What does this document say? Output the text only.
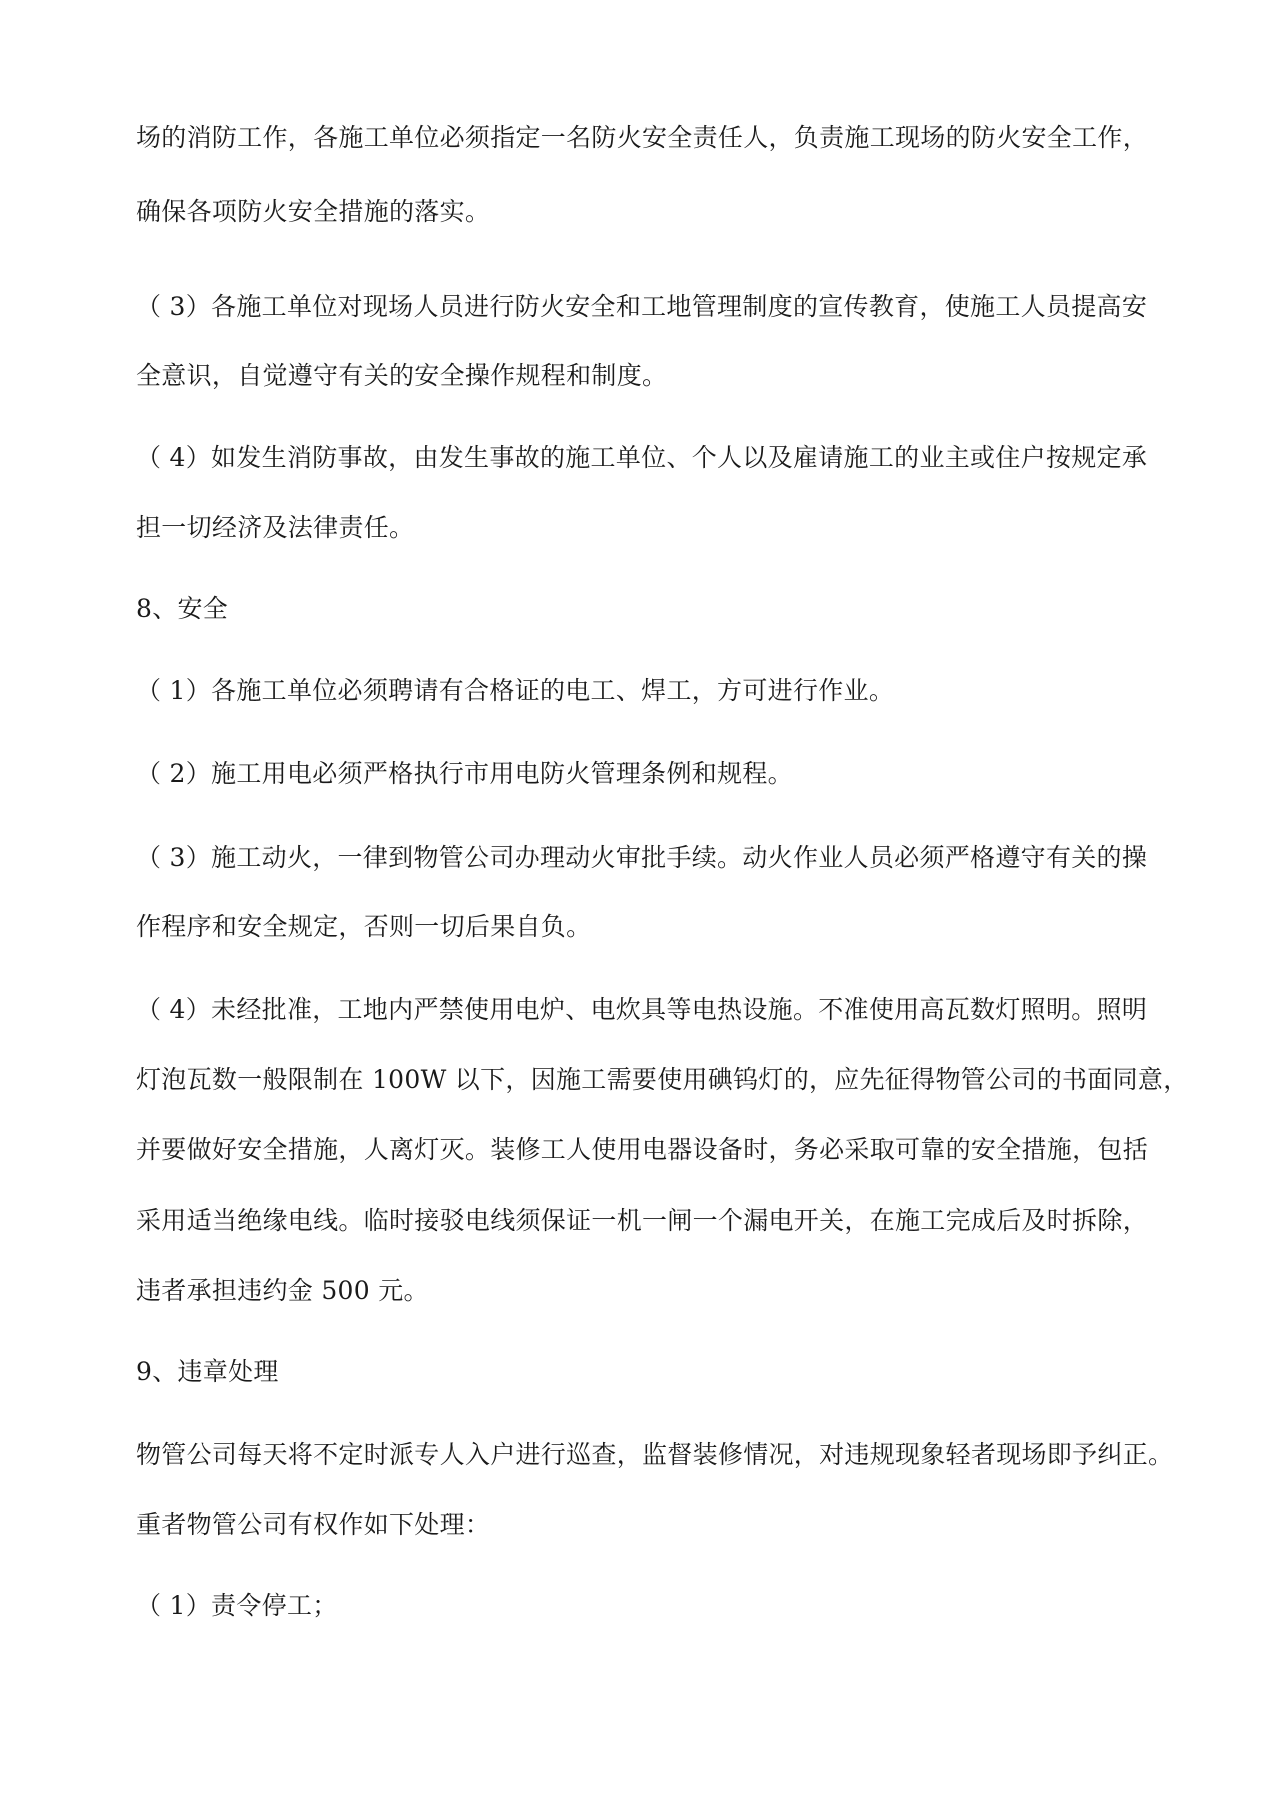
场的消防工作，各施工单位必须指定一名防火安全责任人，负责施工现场的防火安全工作，
确保各项防火安全措施的落实。
（ 3）各施工单位对现场人员进行防火安全和工地管理制度的宣传教育，使施工人员提高安
全意识，自觉遵守有关的安全操作规程和制度。
（ 4）如发生消防事故，由发生事故的施工单位、个人以及雇请施工的业主或住户按规定承
担一切经济及法律责任。
8、安全
（ 1）各施工单位必须聘请有合格证的电工、焊工，方可进行作业。
（ 2）施工用电必须严格执行市用电防火管理条例和规程。
（ 3）施工动火，一律到物管公司办理动火审批手续。动火作业人员必须严格遵守有关的操
作程序和安全规定，否则一切后果自负。
（ 4）未经批准，工地内严禁使用电炉、电炊具等电热设施。不准使用高瓦数灯照明。照明
灯泡瓦数一般限制在 100W 以下，因施工需要使用碘钨灯的，应先征得物管公司的书面同意，
并要做好安全措施，人离灯灭。装修工人使用电器设备时，务必采取可靠的安全措施，包括
采用适当绝缘电线。临时接驳电线须保证一机一闸一个漏电开关，在施工完成后及时拆除，
违者承担违约金 500 元。
9、违章处理
物管公司每天将不定时派专人入户进行巡查，监督装修情况，对违规现象轻者现场即予纠正。
重者物管公司有权作如下处理：
（ 1）责令停工；
